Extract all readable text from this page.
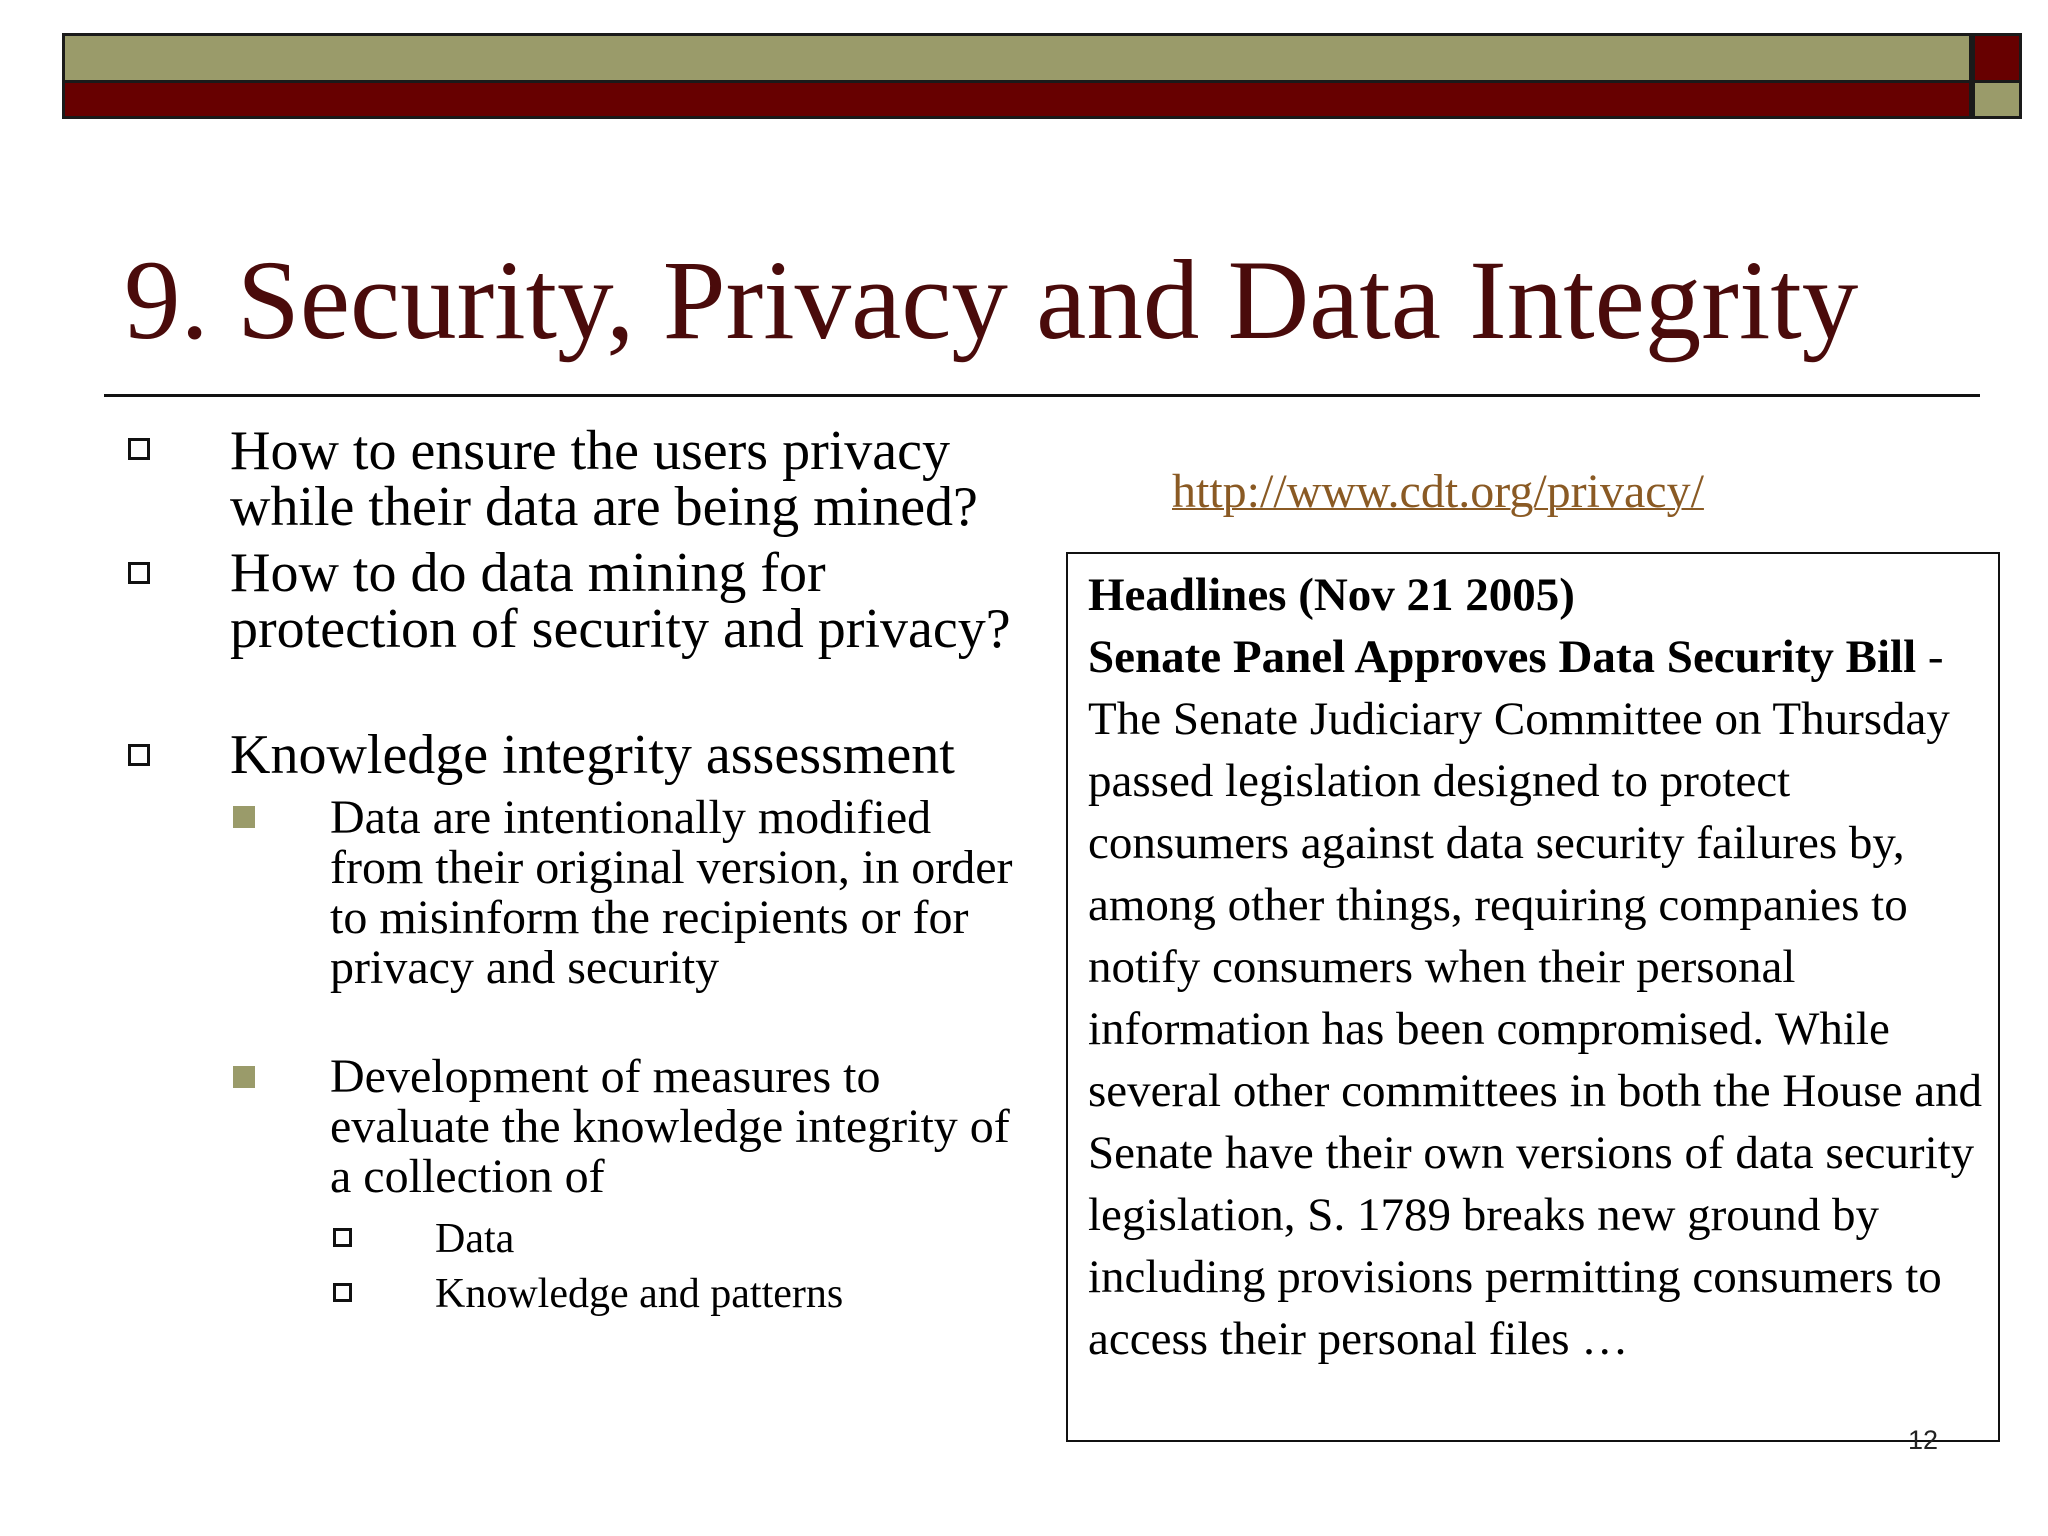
9. Security, Privacy and Data Integrity
How to ensure the users privacy while their data are being mined?
How to do data mining for protection of security and privacy?
Knowledge integrity assessment
Data are intentionally modified from their original version, in order to misinform the recipients or for privacy and security
Development of measures to evaluate the knowledge integrity of a collection of
Data
Knowledge and patterns
http://www.cdt.org/privacy/
Headlines (Nov 21 2005)
Senate Panel Approves Data Security Bill - The Senate Judiciary Committee on Thursday passed legislation designed to protect consumers against data security failures by, among other things, requiring companies to notify consumers when their personal information has been compromised. While several other committees in both the House and Senate have their own versions of data security legislation, S. 1789 breaks new ground by including provisions permitting consumers to access their personal files …
12
